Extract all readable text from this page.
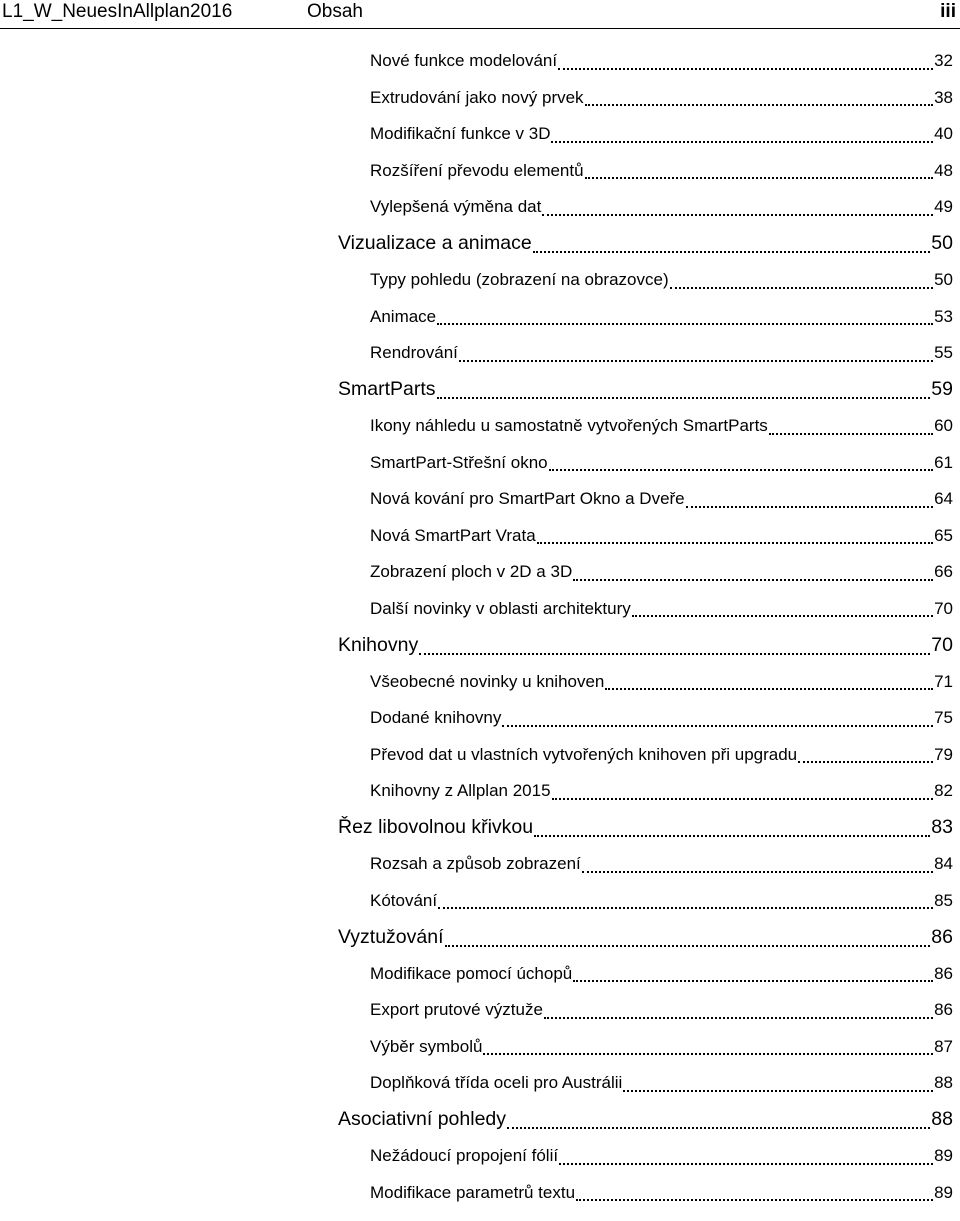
L1_W_NeuesInAllplan2016	Obsah	iii
Nové funkce modelování	32
Extrudování jako nový prvek	38
Modifikační funkce v 3D	40
Rozšíření převodu elementů	48
Vylepšená výměna dat	49
Vizualizace a animace	50
Typy pohledu (zobrazení na obrazovce)	50
Animace	53
Rendrování	55
SmartParts	59
Ikony náhledu u samostatně vytvořených SmartParts	60
SmartPart-Střešní okno	61
Nová kování pro SmartPart Okno a Dveře	64
Nová SmartPart Vrata	65
Zobrazení ploch v 2D a 3D	66
Další novinky v oblasti architektury	70
Knihovny	70
Všeobecné novinky u knihoven	71
Dodané knihovny	75
Převod dat u vlastních vytvořených knihoven při upgradu	79
Knihovny z Allplan 2015	82
Řez libovolnou křivkou	83
Rozsah a způsob zobrazení	84
Kótování	85
Vyztužování	86
Modifikace pomocí úchopů	86
Export prutové výztuže	86
Výběr symbolů	87
Doplňková třída oceli pro Austrálii	88
Asociativní pohledy	88
Nežádoucí propojení fólií	89
Modifikace parametrů textu	89
